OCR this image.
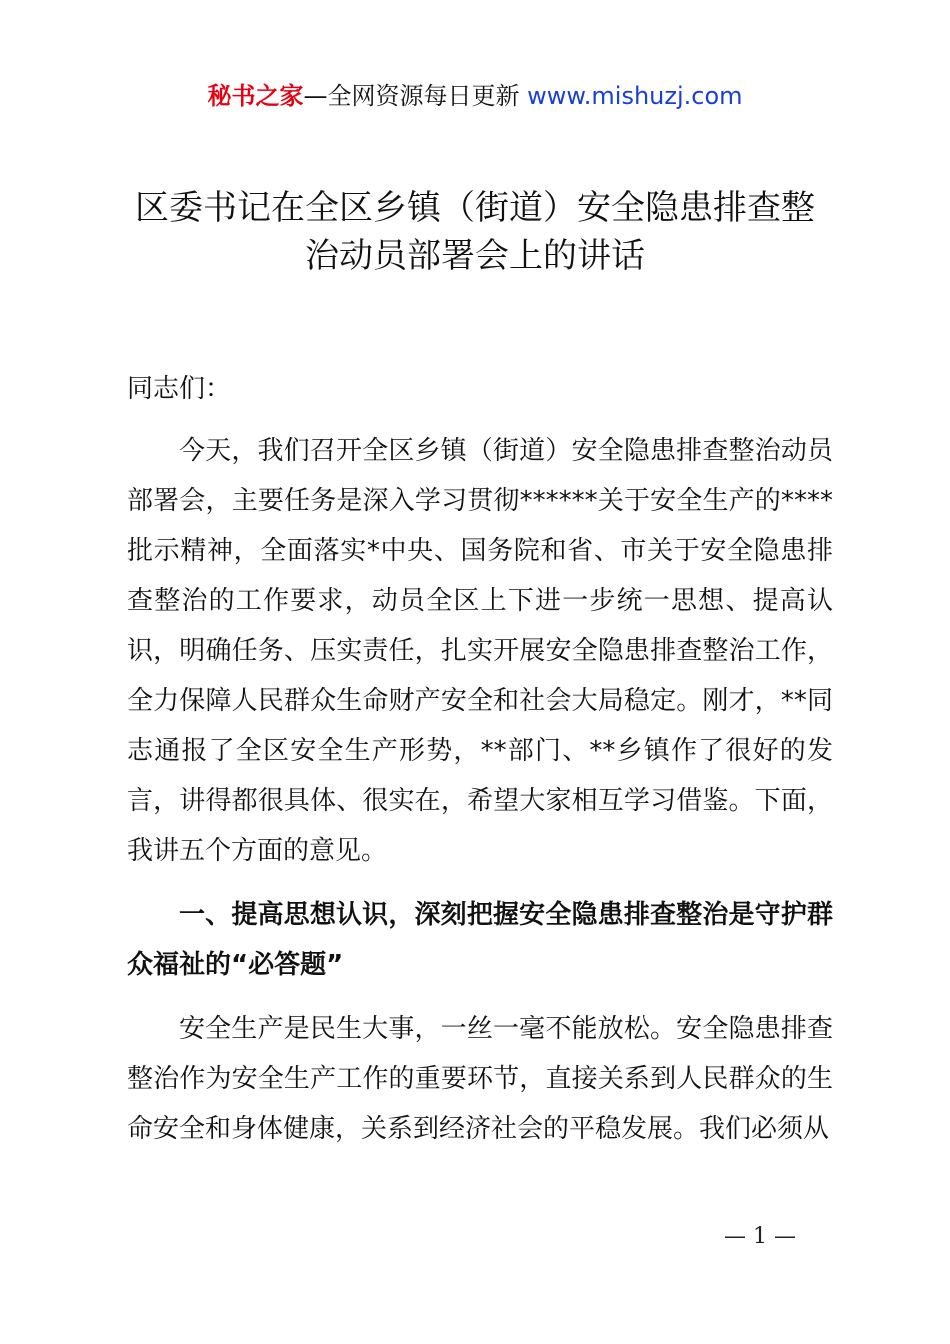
秘书之家—全网资源每日更新 www.mishuzj.com
区委书记在全区乡镇（街道）安全隐患排查整
治动员部署会上的讲话

同志们：

今天，我们召开全区乡镇（街道）安全隐患排查整治动员部署会，主要任务是深入学习贯彻******关于安全生产的****批示精神，全面落实*中央、国务院和省、市关于安全隐患排查整治的工作要求，动员全区上下进一步统一思想、提高认识，明确任务、压实责任，扎实开展安全隐患排查整治工作，全力保障人民群众生命财产安全和社会大局稳定。刚才，**同志通报了全区安全生产形势，**部门、**乡镇作了很好的发言，讲得都很具体、很实在，希望大家相互学习借鉴。下面，我讲五个方面的意见。

一、提高思想认识，深刻把握安全隐患排查整治是守护群众福祉的“必答题”

安全生产是民生大事，一丝一毫不能放松。安全隐患排查整治作为安全生产工作的重要环节，直接关系到人民群众的生命安全和身体健康，关系到经济社会的平稳发展。我们必须从

— 1 —
